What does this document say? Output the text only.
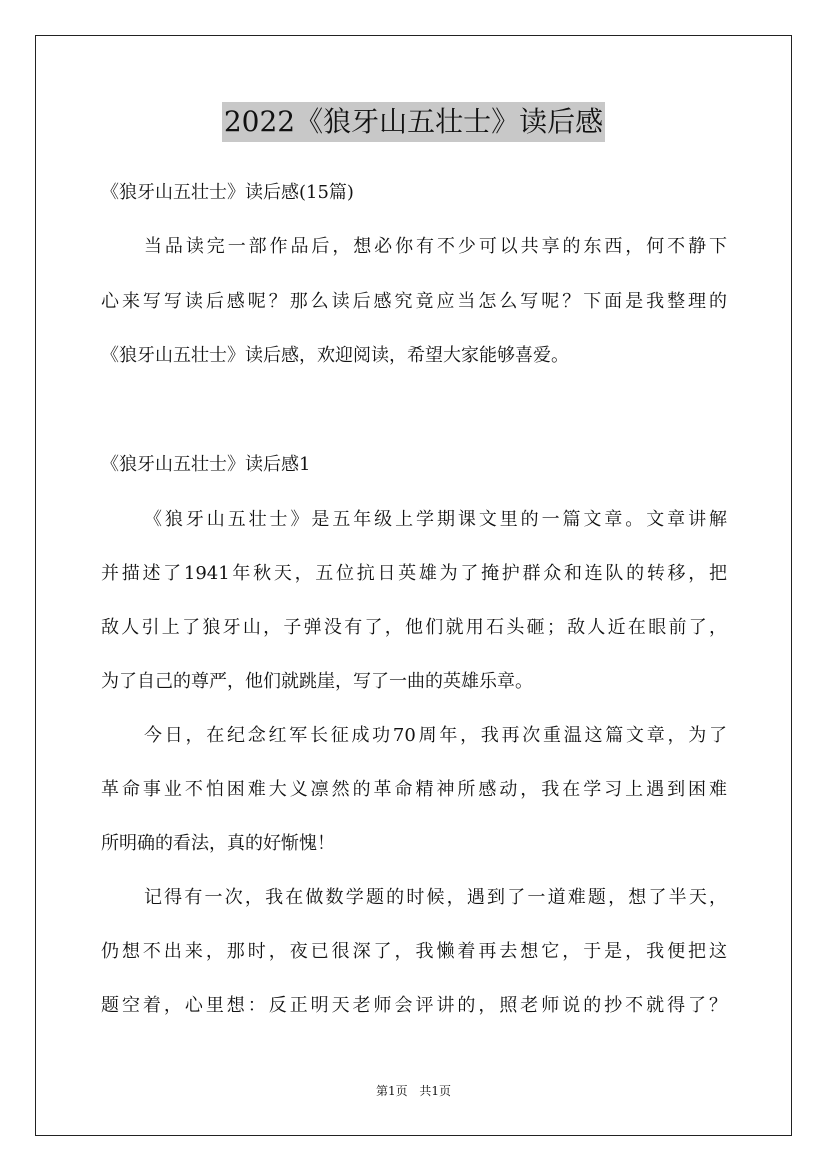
2022《狼牙山五壮士》读后感
《狼牙山五壮士》读后感(15篇)
当品读完一部作品后，想必你有不少可以共享的东西，何不静下
心来写写读后感呢？那么读后感究竟应当怎么写呢？下面是我整理的
《狼牙山五壮士》读后感，欢迎阅读，希望大家能够喜爱。
《狼牙山五壮士》读后感1
《狼牙山五壮士》是五年级上学期课文里的一篇文章。文章讲解
并描述了1941年秋天，五位抗日英雄为了掩护群众和连队的转移，把
敌人引上了狼牙山，子弹没有了，他们就用石头砸；敌人近在眼前了，
为了自己的尊严，他们就跳崖，写了一曲的英雄乐章。
今日，在纪念红军长征成功70周年，我再次重温这篇文章，为了
革命事业不怕困难大义凛然的革命精神所感动，我在学习上遇到困难
所明确的看法，真的好惭愧！
记得有一次，我在做数学题的时候，遇到了一道难题，想了半天，
仍想不出来，那时，夜已很深了，我懒着再去想它，于是，我便把这
题空着，心里想：反正明天老师会评讲的，照老师说的抄不就得了？
第1页 共1页
